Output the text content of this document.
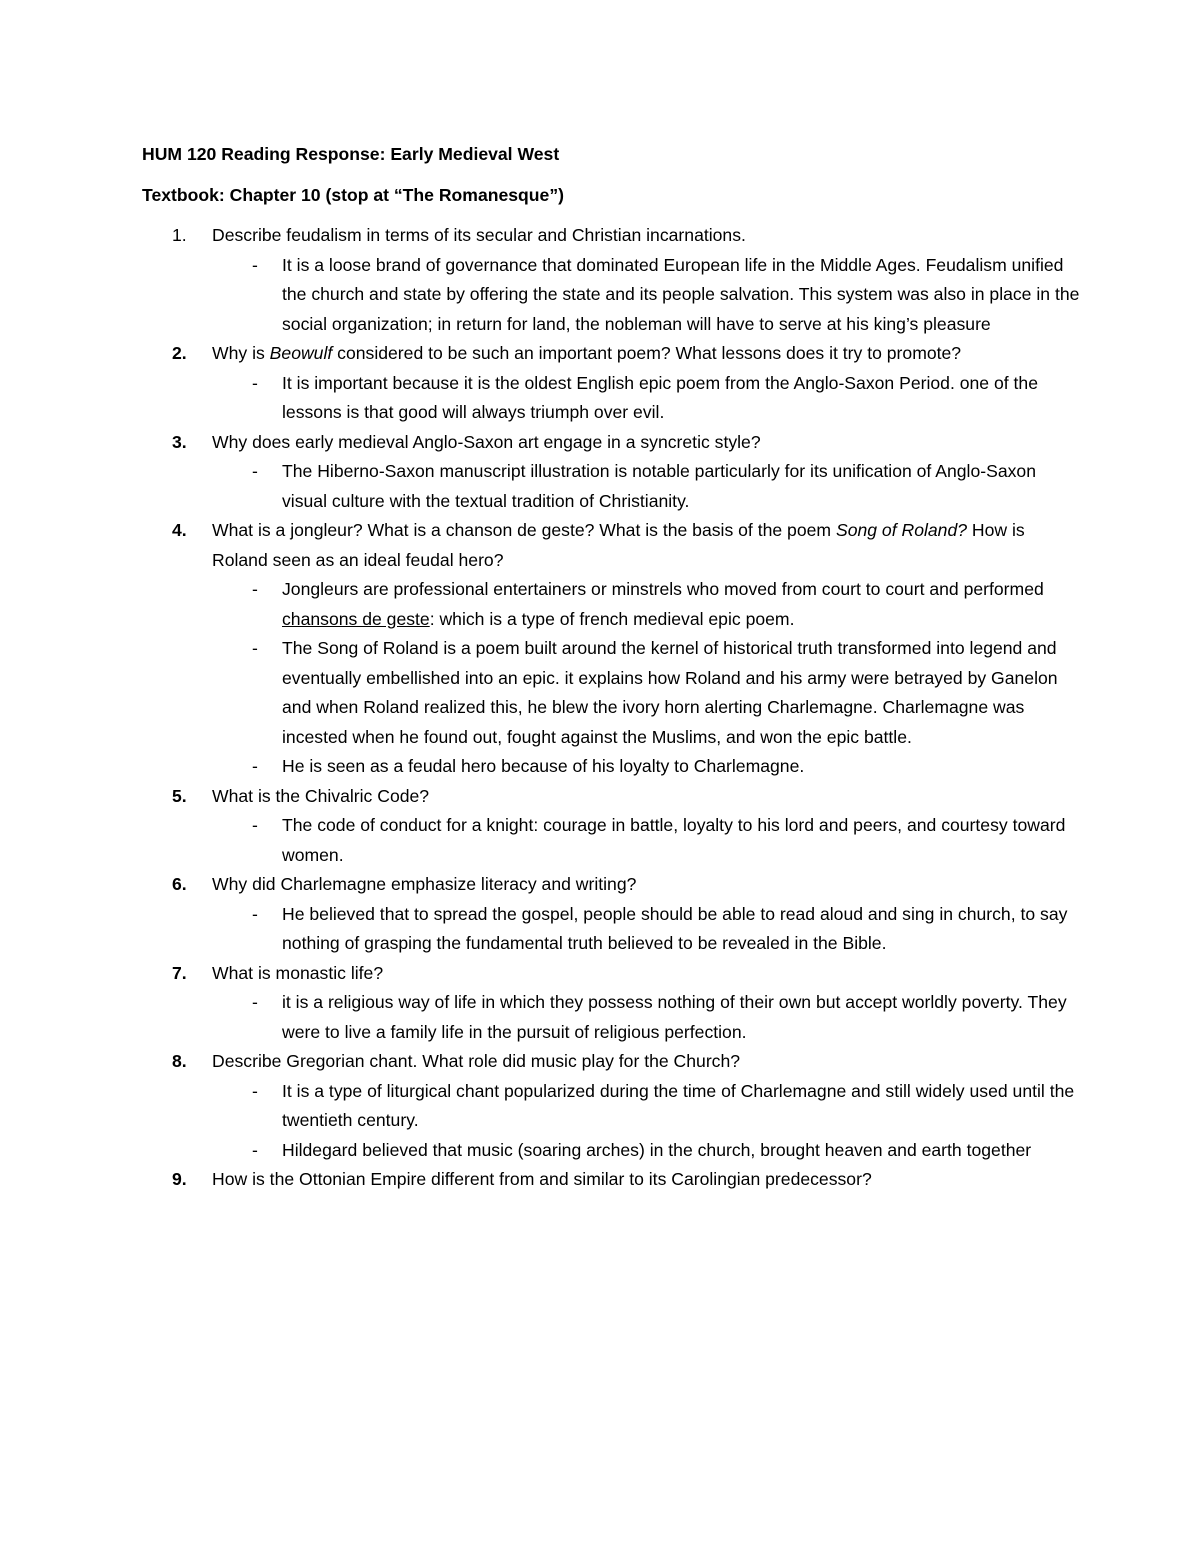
HUM 120 Reading Response: Early Medieval West
Textbook: Chapter 10 (stop at “The Romanesque”)
1. Describe feudalism in terms of its secular and Christian incarnations.
- It is a loose brand of governance that dominated European life in the Middle Ages. Feudalism unified the church and state by offering the state and its people salvation. This system was also in place in the social organization; in return for land, the nobleman will have to serve at his king’s pleasure
2. Why is Beowulf considered to be such an important poem? What lessons does it try to promote?
- It is important because it is the oldest English epic poem from the Anglo-Saxon Period. one of the lessons is that good will always triumph over evil.
3. Why does early medieval Anglo-Saxon art engage in a syncretic style?
- The Hiberno-Saxon manuscript illustration is notable particularly for its unification of Anglo-Saxon visual culture with the textual tradition of Christianity.
4. What is a jongleur? What is a chanson de geste? What is the basis of the poem Song of Roland? How is Roland seen as an ideal feudal hero?
- Jongleurs are professional entertainers or minstrels who moved from court to court and performed chansons de geste: which is a type of french medieval epic poem.
- The Song of Roland is a poem built around the kernel of historical truth transformed into legend and eventually embellished into an epic. it explains how Roland and his army were betrayed by Ganelon and when Roland realized this, he blew the ivory horn alerting Charlemagne. Charlemagne was incested when he found out, fought against the Muslims, and won the epic battle.
- He is seen as a feudal hero because of his loyalty to Charlemagne.
5. What is the Chivalric Code?
- The code of conduct for a knight: courage in battle, loyalty to his lord and peers, and courtesy toward women.
6. Why did Charlemagne emphasize literacy and writing?
- He believed that to spread the gospel, people should be able to read aloud and sing in church, to say nothing of grasping the fundamental truth believed to be revealed in the Bible.
7. What is monastic life?
- it is a religious way of life in which they possess nothing of their own but accept worldly poverty. They were to live a family life in the pursuit of religious perfection.
8. Describe Gregorian chant. What role did music play for the Church?
- It is a type of liturgical chant popularized during the time of Charlemagne and still widely used until the twentieth century.
- Hildegard believed that music (soaring arches) in the church, brought heaven and earth together
9. How is the Ottonian Empire different from and similar to its Carolingian predecessor?
